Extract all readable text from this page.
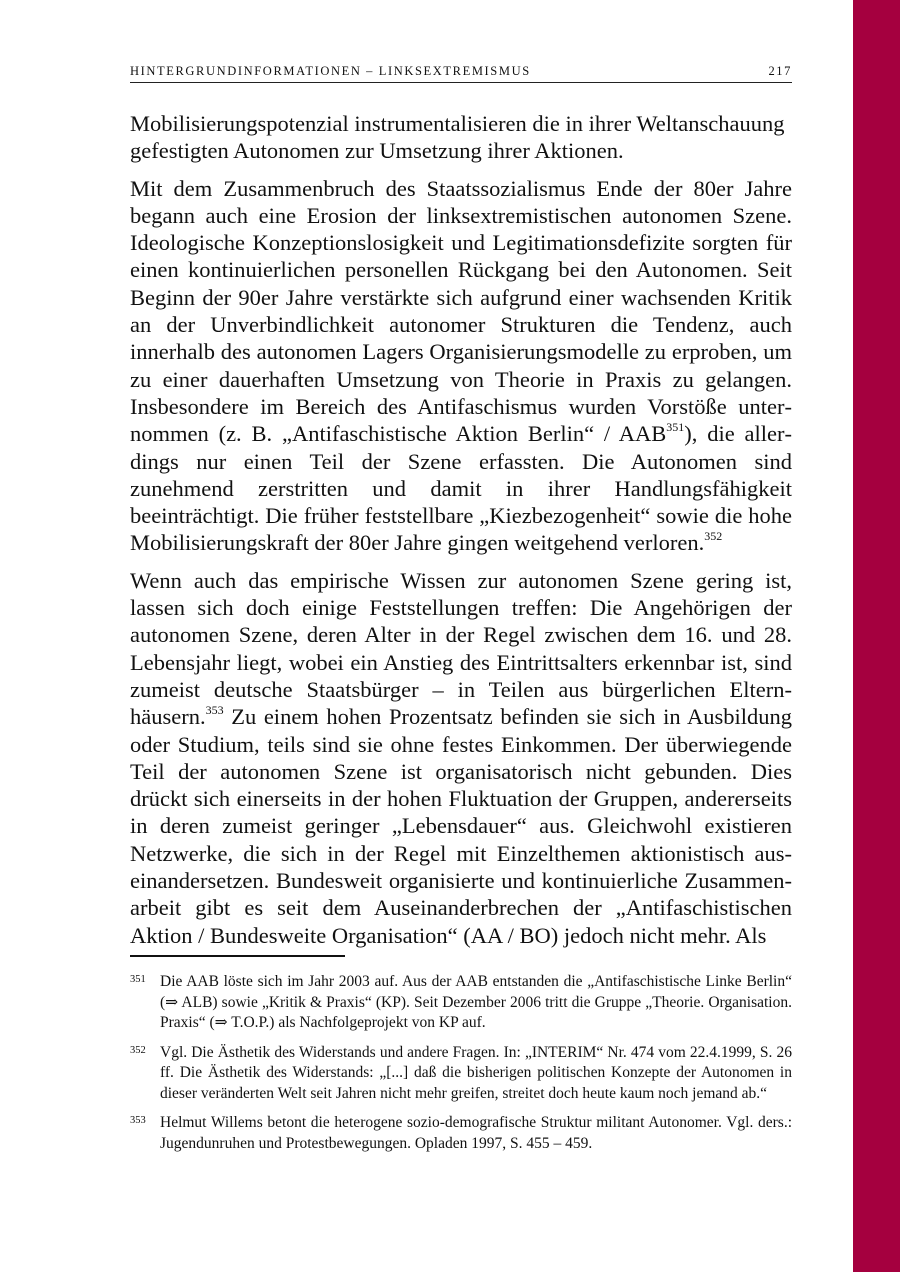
HINTERGRUNDINFORMATIONEN – LINKSEXTREMISMUS	217

Mobilisierungspotenzial instrumentalisieren die in ihrer Weltanschauung gefestigten Autonomen zur Umsetzung ihrer Aktionen.

Mit dem Zusammenbruch des Staatssozialismus Ende der 80er Jahre begann auch eine Erosion der linksextremistischen autonomen Szene. Ideologische Konzeptionslosigkeit und Legitimationsdefizite sorgten für einen kontinuierlichen personellen Rückgang bei den Autonomen. Seit Beginn der 90er Jahre verstärkte sich aufgrund einer wachsenden Kritik an der Unverbindlichkeit autonomer Strukturen die Tendenz, auch innerhalb des autonomen Lagers Organisierungsmodelle zu erproben, um zu einer dauerhaften Umsetzung von Theorie in Praxis zu gelangen. Insbesondere im Bereich des Antifaschismus wurden Vorstöße unternommen (z. B. „Antifaschistische Aktion Berlin“ / AAB$^{351}$), die allerdings nur einen Teil der Szene erfassten. Die Autonomen sind zunehmend zerstritten und damit in ihrer Handlungsfähigkeit beeinträchtigt. Die früher feststellbare „Kiezbezogenheit“ sowie die hohe Mobilisierungskraft der 80er Jahre gingen weitgehend verloren.$^{352}$

Wenn auch das empirische Wissen zur autonomen Szene gering ist, lassen sich doch einige Feststellungen treffen: Die Angehörigen der autonomen Szene, deren Alter in der Regel zwischen dem 16. und 28. Lebensjahr liegt, wobei ein Anstieg des Eintrittsalters erkennbar ist, sind zumeist deutsche Staatsbürger – in Teilen aus bürgerlichen Elternhäusern.$^{353}$ Zu einem hohen Prozentsatz befinden sie sich in Ausbildung oder Studium, teils sind sie ohne festes Einkommen. Der überwiegende Teil der autonomen Szene ist organisatorisch nicht gebunden. Dies drückt sich einerseits in der hohen Fluktuation der Gruppen, andererseits in deren zumeist geringer „Lebensdauer“ aus. Gleichwohl existieren Netzwerke, die sich in der Regel mit Einzelthemen aktionistisch auseinandersetzen. Bundesweit organisierte und kontinuierliche Zusammenarbeit gibt es seit dem Auseinanderbrechen der „Antifaschistischen Aktion / Bundesweite Organisation“ (AA / BO) jedoch nicht mehr. Als

351 Die AAB löste sich im Jahr 2003 auf. Aus der AAB entstanden die „Antifaschistische Linke Berlin“ (⇒ ALB) sowie „Kritik & Praxis“ (KP). Seit Dezember 2006 tritt die Gruppe „Theorie. Organisation. Praxis“ (⇒ T.O.P.) als Nachfolgeprojekt von KP auf.
352 Vgl. Die Ästhetik des Widerstands und andere Fragen. In: „INTERIM“ Nr. 474 vom 22.4.1999, S. 26 ff. Die Ästhetik des Widerstands: „[...] daß die bisherigen politischen Konzepte der Autonomen in dieser veränderten Welt seit Jahren nicht mehr greifen, streitet doch heute kaum noch jemand ab.“
353 Helmut Willems betont die heterogene sozio-demografische Struktur militant Autonomer. Vgl. ders.: Jugendunruhen und Protestbewegungen. Opladen 1997, S. 455 – 459.
